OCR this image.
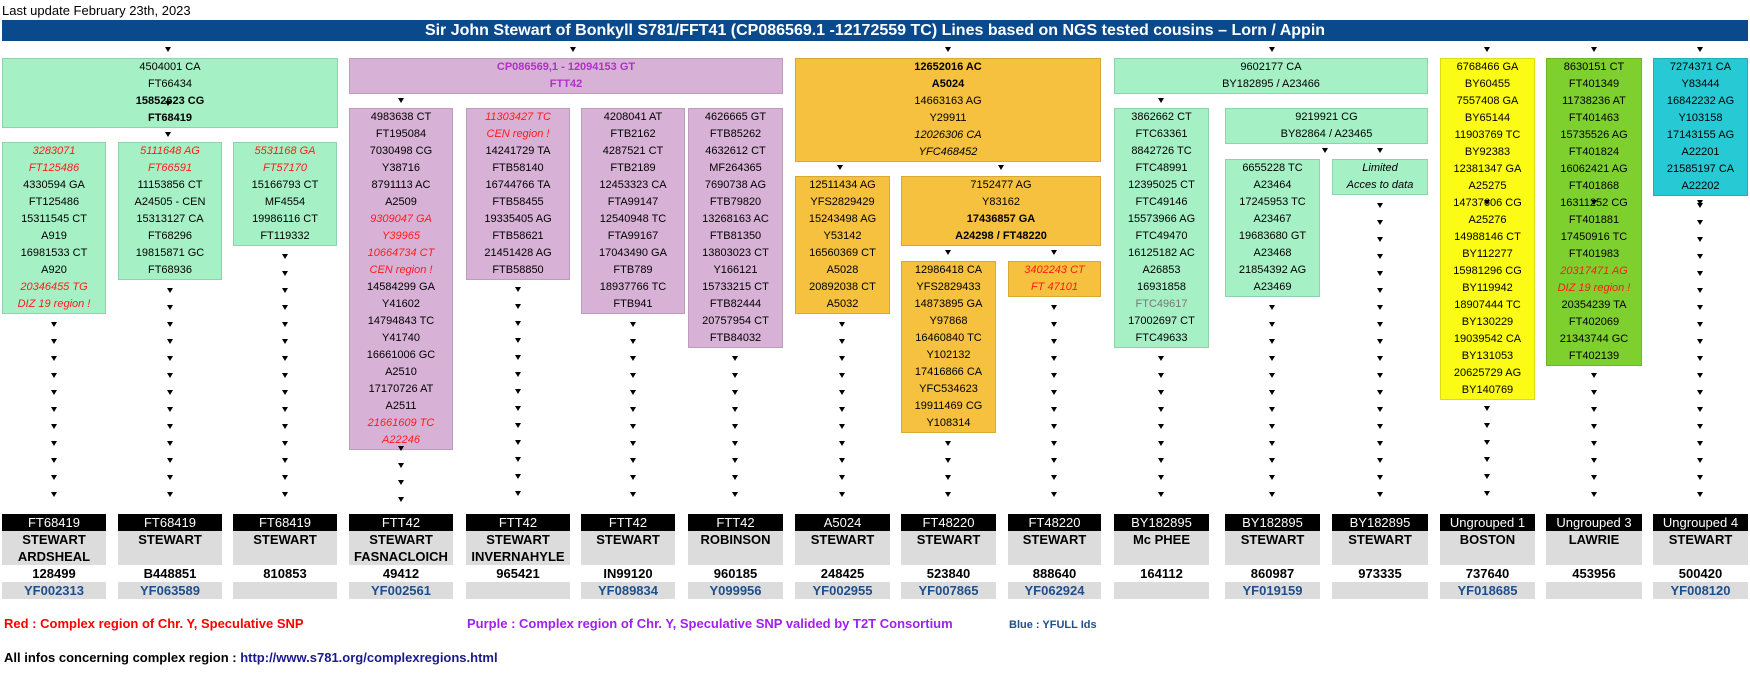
Last update February 23th, 2023
Sir John Stewart of Bonkyll S781/FFT41 (CP086569.1 -12172559 TC) Lines based on NGS tested cousins – Lorn / Appin
4504001 CA
FT66434
15852623 CG
FT68419
3283071
FT125486
4330594 GA
FT125486
15311545 CT
A919
16981533 CT
A920
20346455 TG
DIZ 19 region !
5111648 AG
FT66591
11153856 CT
A24505 - CEN
15313127 CA
FT68296
19815871 GC
FT68936
5531168 GA
FT57170
15166793 CT
MF4554
19986116 CT
FT119332
CP086569,1 - 12094153 GT
FTT42
4983638 CT
FT195084
7030498 CG
Y38716
8791113 AC
A2509
9309047 GA
Y39965
10664734 CT
CEN region !
14584299 GA
Y41602
14794843 TC
Y41740
16661006 GC
A2510
17170726 AT
A2511
21661609 TC
A22246
11303427 TC
CEN region !
14241729 TA
FTB58140
16744766 TA
FTB58455
19335405 AG
FTB58621
21451428 AG
FTB58850
4208041 AT
FTB2162
4287521 CT
FTB2189
12453323 CA
FTA99147
12540948 TC
FTA99167
17043490 GA
FTB789
18937766 TC
FTB941
4626665 GT
FTB85262
4632612 CT
MF264365
7690738 AG
FTB79820
13268163 AC
FTB81350
13803023 CT
Y166121
15733215 CT
FTB82444
20757954 CT
FTB84032
12652016 AC
A5024
14663163 AG
Y29911
12026306 CA
YFC468452
12511434 AG
YFS2829429
15243498 AG
Y53142
16560369 CT
A5028
20892038 CT
A5032
7152477 AG
Y83162
17436857 GA
A24298 / FT48220
12986418 CA
YFS2829433
14873895 GA
Y97868
16460840 TC
Y102132
17416866 CA
YFC534623
19911469 CG
Y108314
3402243 CT
FT 47101
9602177 CA
BY182895 / A23466
3862662 CT
FTC63361
8842726 TC
FTC48991
12395025 CT
FTC49146
15573966 AG
FTC49470
16125182 AC
A26853
16931858
FTC49617
17002697 CT
FTC49633
9219921 CG
BY82864 / A23465
6655228 TC
A23464
17245953 TC
A23467
19683680 GT
A23468
21854392 AG
A23469
Limited
Acces to data
6768466 GA
BY60455
7557408 GA
BY65144
11903769 TC
BY92383
12381347 GA
A25275
14737606 CG
A25276
14988146 CT
BY112277
15981296 CG
BY119942
18907444 TC
BY130229
19039542 CA
BY131053
20625729 AG
BY140769
8630151 CT
FT401349
11738236 AT
FT401463
15735526 AG
FT401824
16062421 AG
FT401868
16311252 CG
FT401881
17450916 TC
FT401983
20317471 AG
DIZ 19 region !
20354239 TA
FT402069
21343744 GC
FT402139
7274371 CA
Y83444
16842232 AG
Y103158
17143155 AG
A22201
21585197 CA
A22202
FT68419
STEWART
ARDSHEAL
128499
YF002313
FT68419
STEWART
B448851
YF063589
FT68419
STEWART
810853
FTT42
STEWART
FASNACLOICH
49412
YF002561
FTT42
STEWART
INVERNAHYLE
965421
FTT42
STEWART
IN99120
YF089834
FTT42
ROBINSON
960185
Y099956
A5024
STEWART
248425
YF002955
FT48220
STEWART
523840
YF007865
FT48220
STEWART
888640
YF062924
BY182895
Mc PHEE
164112
BY182895
STEWART
860987
YF019159
BY182895
STEWART
973335
Ungrouped 1
BOSTON
737640
YF018685
Ungrouped 3
LAWRIE
453956
Ungrouped 4
STEWART
500420
YF008120
Red : Complex region of Chr. Y, Speculative SNP	Purple : Complex region of Chr. Y, Speculative SNP valided by T2T Consortium	Blue : YFULL Ids
All infos concerning complex region : http://www.s781.org/complexregions.html
